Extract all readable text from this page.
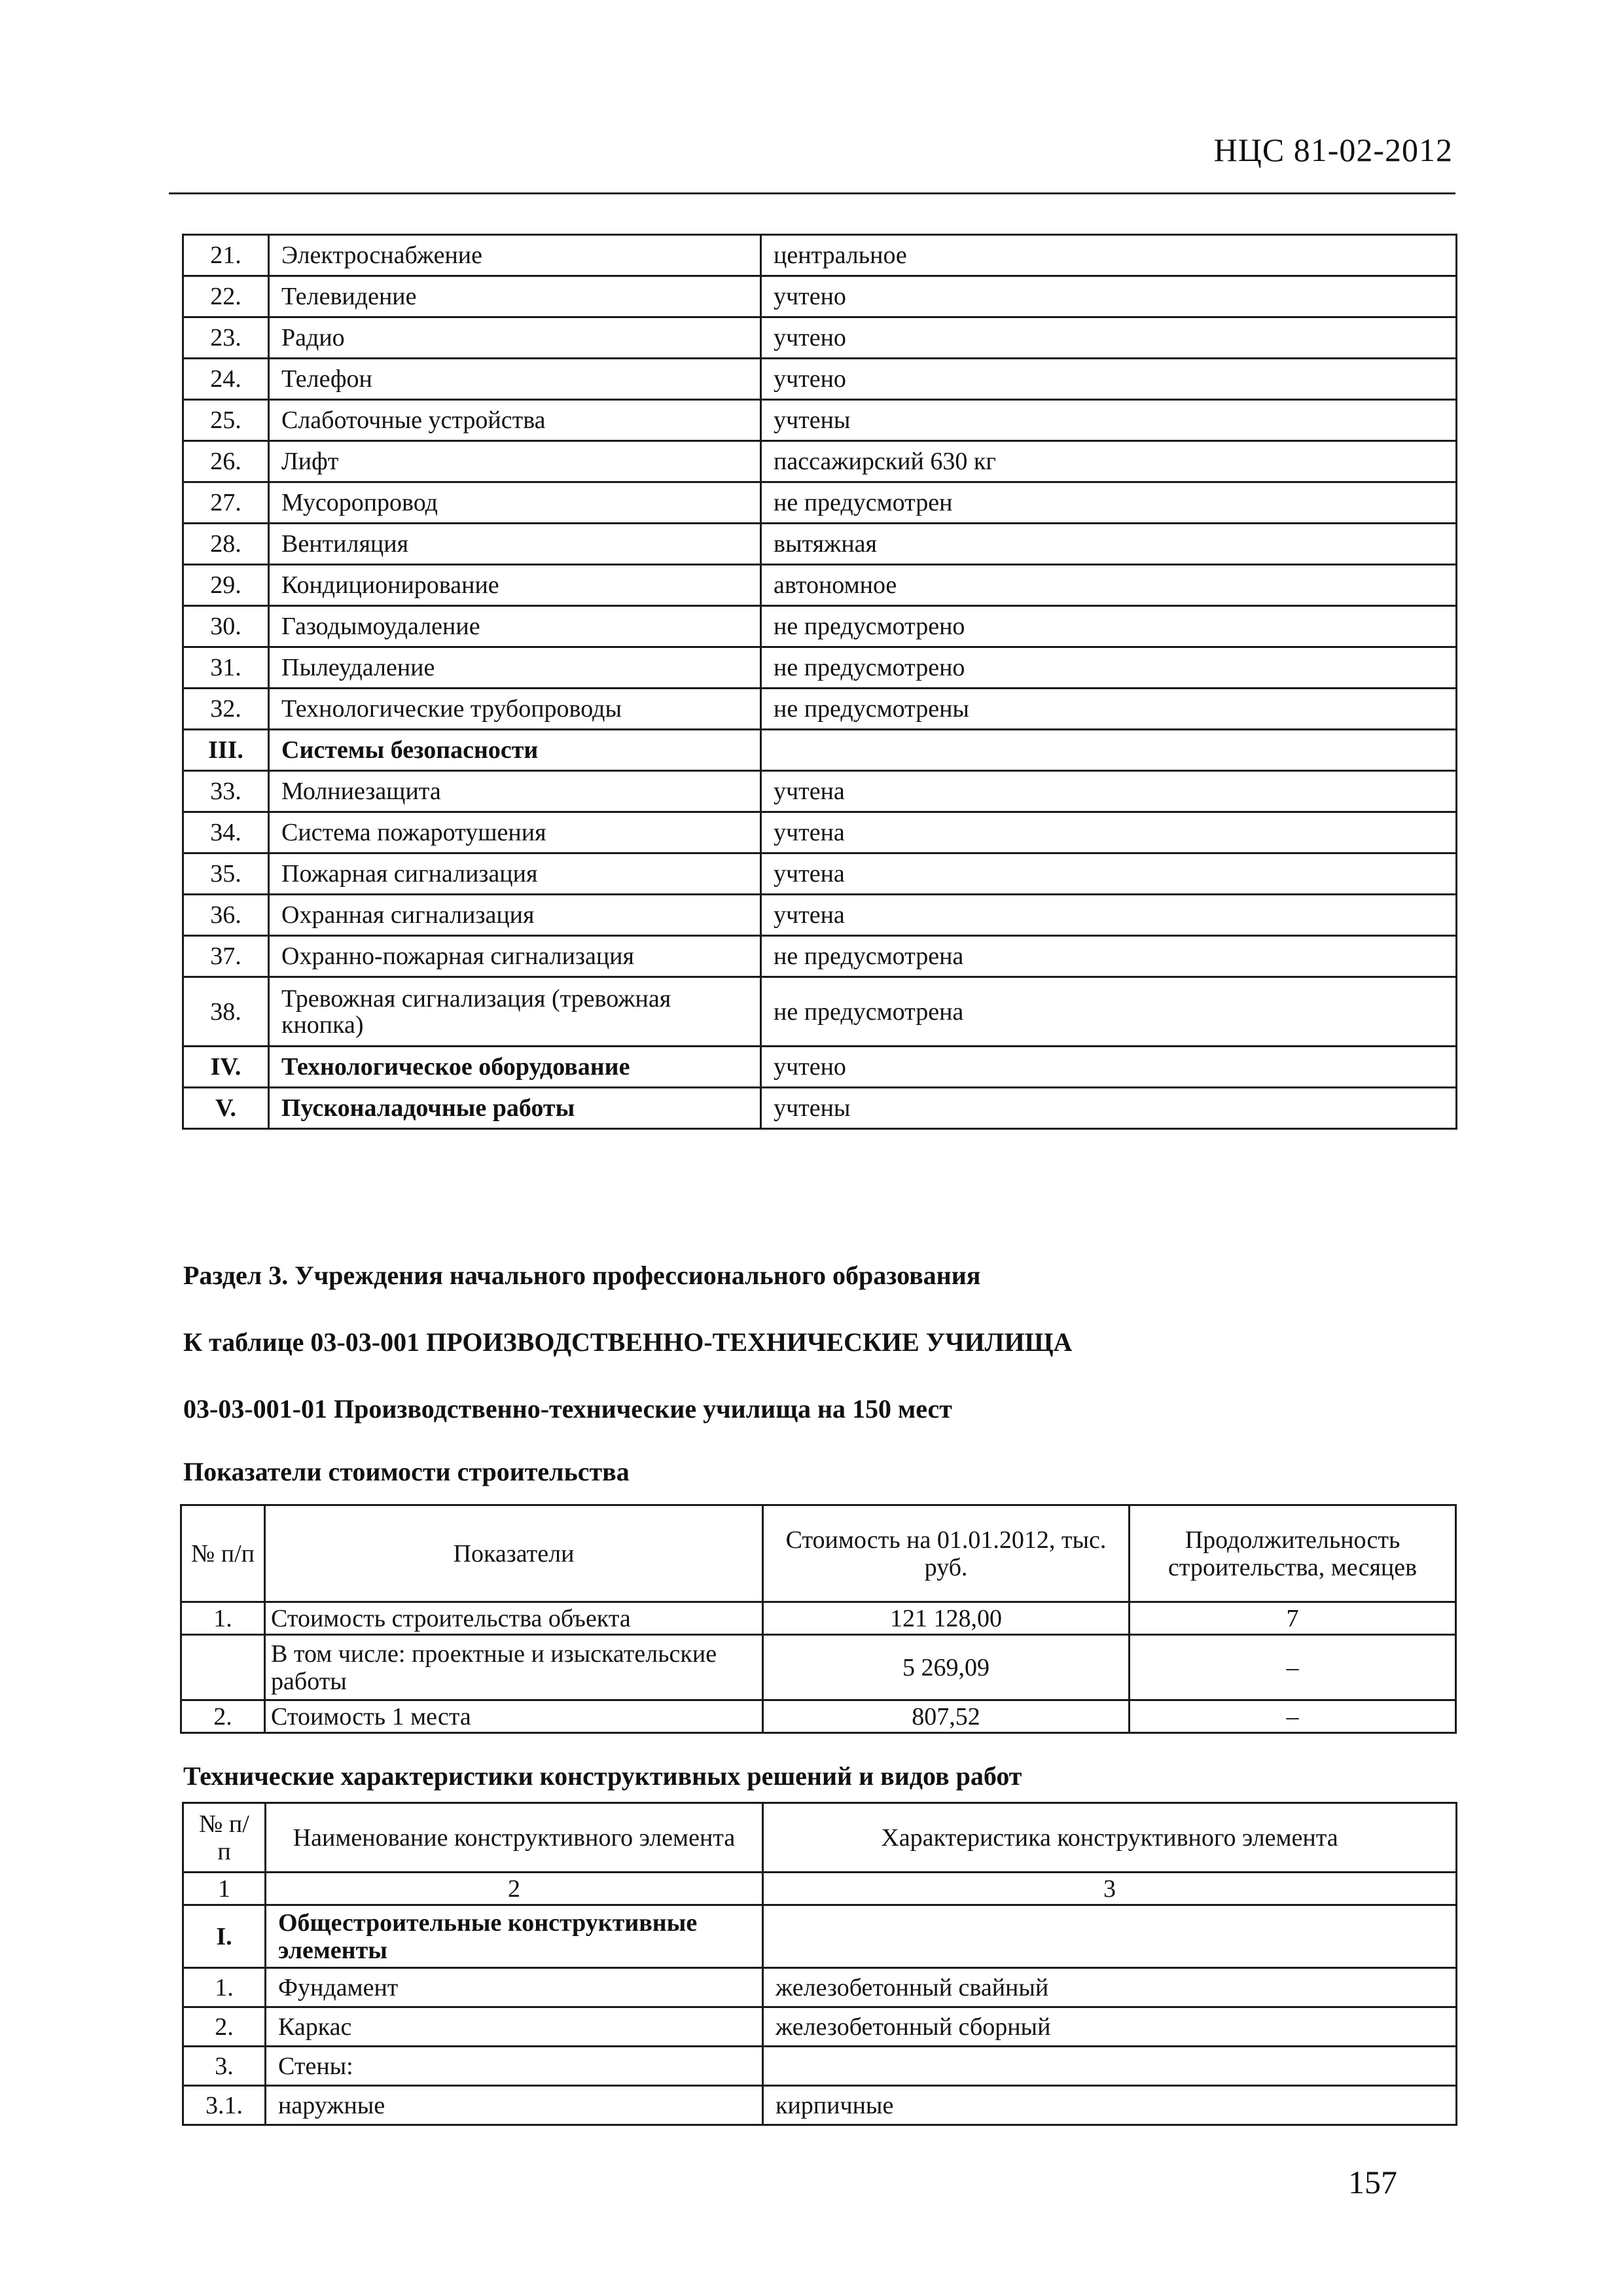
НЦС 81-02-2012
21.	Электроснабжение	центральное
22.	Телевидение	учтено
23.	Радио	учтено
24.	Телефон	учтено
25.	Слаботочные устройства	учтены
26.	Лифт	пассажирский 630 кг
27.	Мусоропровод	не предусмотрен
28.	Вентиляция	вытяжная
29.	Кондиционирование	автономное
30.	Газодымоудаление	не предусмотрено
31.	Пылеудаление	не предусмотрено
32.	Технологические трубопроводы	не предусмотрены
III.	Системы безопасности	
33.	Молниезащита	учтена
34.	Система пожаротушения	учтена
35.	Пожарная сигнализация	учтена
36.	Охранная сигнализация	учтена
37.	Охранно-пожарная сигнализация	не предусмотрена
38.	Тревожная сигнализация (тревожная кнопка)	не предусмотрена
IV.	Технологическое оборудование	учтено
V.	Пусконаладочные работы	учтены
Раздел 3. Учреждения начального профессионального образования
К таблице 03-03-001 ПРОИЗВОДСТВЕННО-ТЕХНИЧЕСКИЕ УЧИЛИЩА
03-03-001-01 Производственно-технические училища на 150 мест
Показатели стоимости строительства
№ п/п	Показатели	Стоимость на 01.01.2012, тыс. руб.	Продолжительность строительства, месяцев
1.	Стоимость строительства объекта	121 128,00	7
	В том числе: проектные и изыскательские работы	5 269,09	–
2.	Стоимость 1 места	807,52	–
Технические характеристики конструктивных решений и видов работ
№ п/п	Наименование конструктивного элемента	Характеристика конструктивного элемента
1	2	3
I.	Общестроительные конструктивные элементы	
1.	Фундамент	железобетонный свайный
2.	Каркас	железобетонный сборный
3.	Стены:	
3.1.	наружные	кирпичные
157
